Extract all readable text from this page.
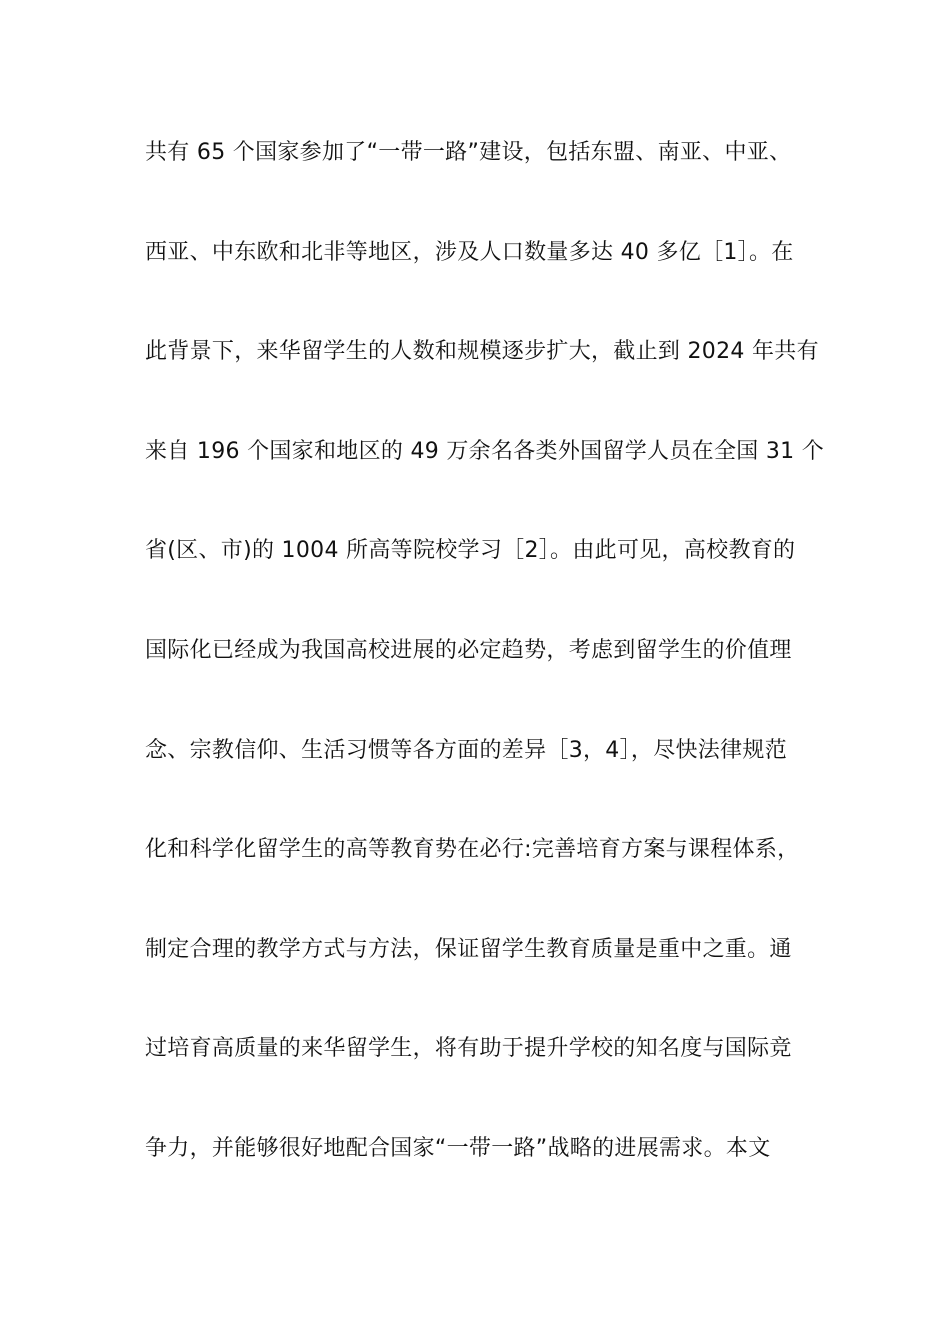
共有 65 个国家参加了“一带一路”建设，包括东盟、南亚、中亚、
西亚、中东欧和北非等地区，涉及人口数量多达 40 多亿［1］。在
此背景下，来华留学生的人数和规模逐步扩大，截止到 2024 年共有
来自 196 个国家和地区的 49 万余名各类外国留学人员在全国 31 个
省(区、市)的 1004 所高等院校学习［2］。由此可见，高校教育的
国际化已经成为我国高校进展的必定趋势，考虑到留学生的价值理
念、宗教信仰、生活习惯等各方面的差异［3，4］，尽快法律规范
化和科学化留学生的高等教育势在必行:完善培育方案与课程体系，
制定合理的教学方式与方法，保证留学生教育质量是重中之重。通
过培育高质量的来华留学生，将有助于提升学校的知名度与国际竞
争力，并能够很好地配合国家“一带一路”战略的进展需求。本文
